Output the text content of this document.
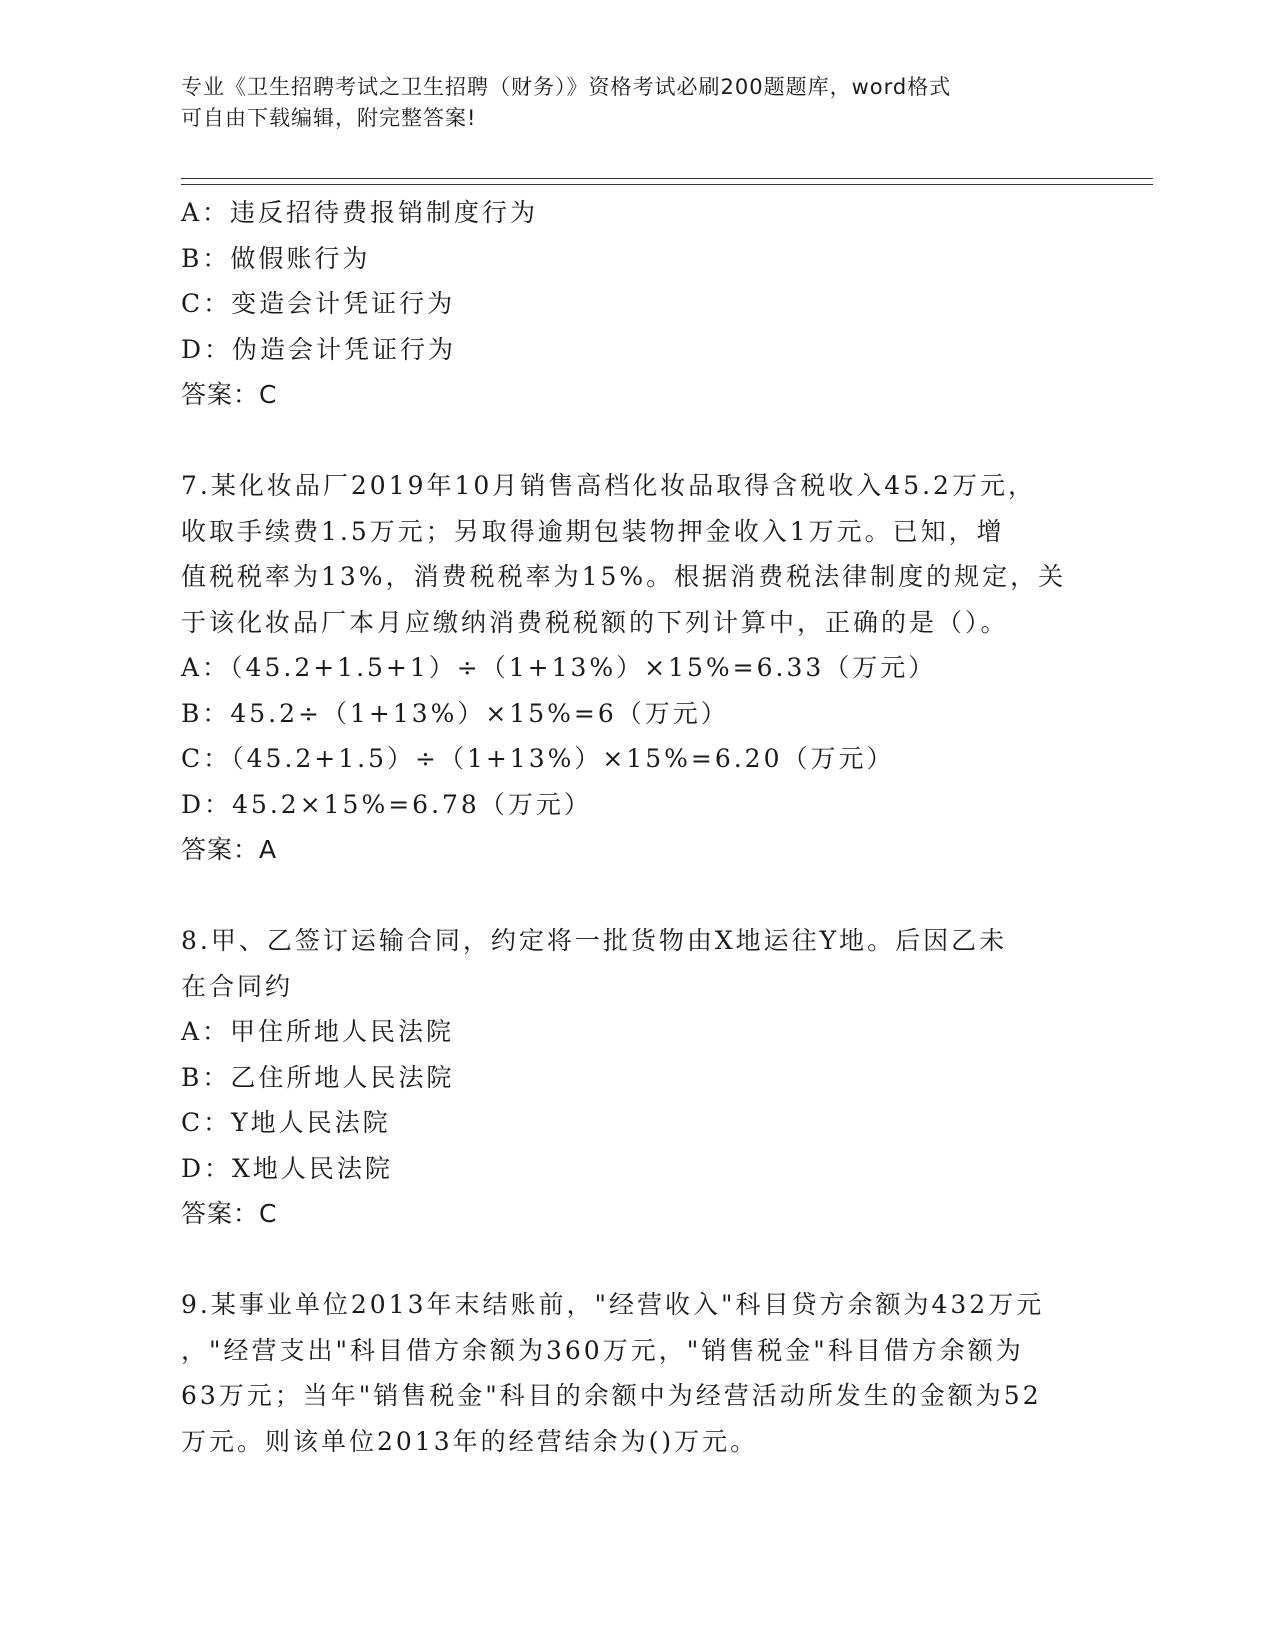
专业《卫生招聘考试之卫生招聘（财务）》资格考试必刷200题题库，word格式
可自由下载编辑，附完整答案!
A：违反招待费报销制度行为
B：做假账行为
C：变造会计凭证行为
D：伪造会计凭证行为
答案：C
7.某化妆品厂2019年10月销售高档化妆品取得含税收入45.2万元，
收取手续费1.5万元；另取得逾期包装物押金收入1万元。已知，增
值税税率为13%，消费税税率为15%。根据消费税法律制度的规定，关
于该化妆品厂本月应缴纳消费税税额的下列计算中，正确的是（）。
A：（45.2+1.5+1）÷（1+13%）×15%=6.33（万元）
B：45.2÷（1+13%）×15%=6（万元）
C：（45.2+1.5）÷（1+13%）×15%=6.20（万元）
D：45.2×15%=6.78（万元）
答案：A
8.甲、乙签订运输合同，约定将一批货物由X地运往Y地。后因乙未
在合同约
A：甲住所地人民法院
B：乙住所地人民法院
C：Y地人民法院
D：X地人民法院
答案：C
9.某事业单位2013年末结账前，"经营收入"科目贷方余额为432万元
，"经营支出"科目借方余额为360万元，"销售税金"科目借方余额为
63万元；当年"销售税金"科目的余额中为经营活动所发生的金额为52
万元。则该单位2013年的经营结余为()万元。
